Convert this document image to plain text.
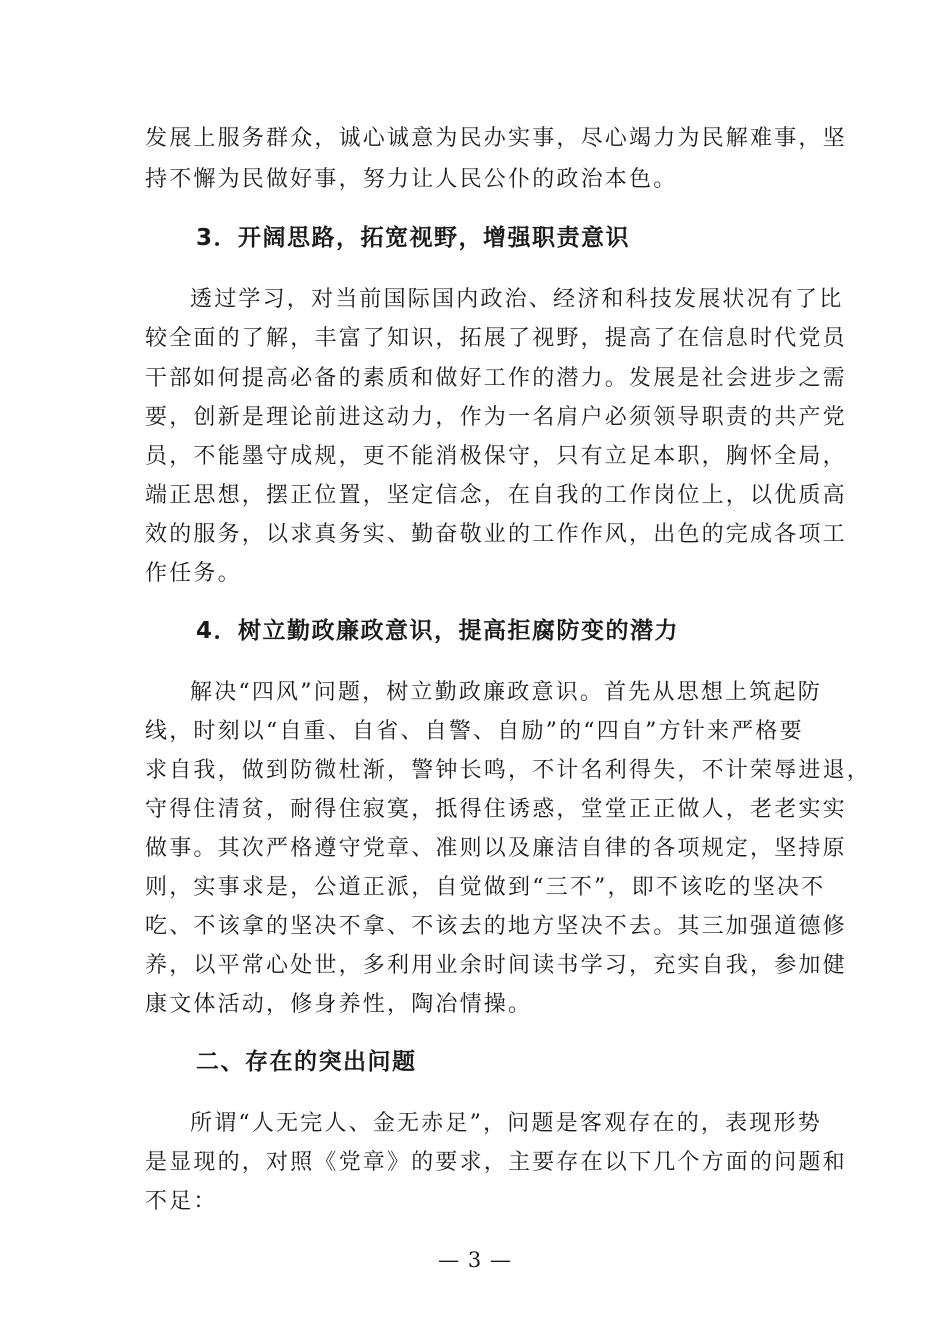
发展上服务群众，诚心诚意为民办实事，尽心竭力为民解难事，坚
持不懈为民做好事，努力让人民公仆的政治本色。
3．开阔思路，拓宽视野，增强职责意识
透过学习，对当前国际国内政治、经济和科技发展状况有了比
较全面的了解，丰富了知识，拓展了视野，提高了在信息时代党员
干部如何提高必备的素质和做好工作的潜力。发展是社会进步之需
要，创新是理论前进这动力，作为一名肩户必须领导职责的共产党
员，不能墨守成规，更不能消极保守，只有立足本职，胸怀全局，
端正思想，摆正位置，坚定信念，在自我的工作岗位上，以优质高
效的服务，以求真务实、勤奋敬业的工作作风，出色的完成各项工
作任务。
4．树立勤政廉政意识，提高拒腐防变的潜力
解决“四风”问题，树立勤政廉政意识。首先从思想上筑起防
线，时刻以“自重、自省、自警、自励”的“四自”方针来严格要
求自我，做到防微杜渐，警钟长鸣，不计名利得失，不计荣辱进退，
守得住清贫，耐得住寂寞，抵得住诱惑，堂堂正正做人，老老实实
做事。其次严格遵守党章、准则以及廉洁自律的各项规定，坚持原
则，实事求是，公道正派，自觉做到“三不”，即不该吃的坚决不
吃、不该拿的坚决不拿、不该去的地方坚决不去。其三加强道德修
养，以平常心处世，多利用业余时间读书学习，充实自我，参加健
康文体活动，修身养性，陶冶情操。
二、存在的突出问题
所谓“人无完人、金无赤足”，问题是客观存在的，表现形势
是显现的，对照《党章》的要求，主要存在以下几个方面的问题和
不足：
— 3 —
